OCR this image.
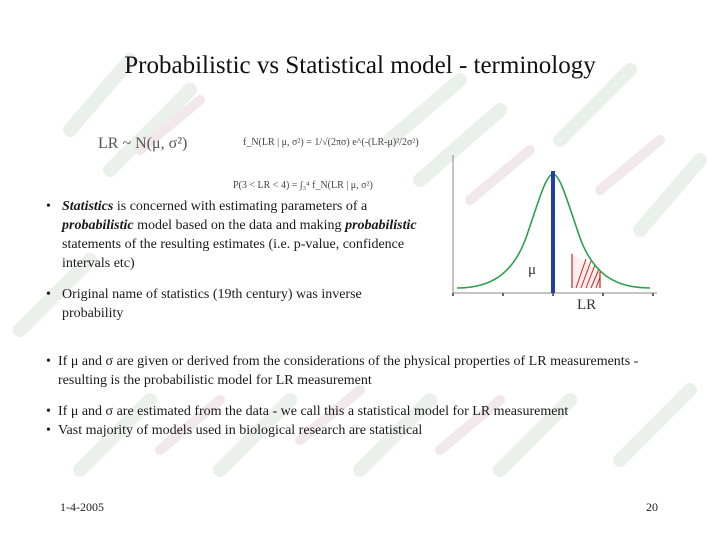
Probabilistic vs Statistical model - terminology
LR ~ N(μ, σ²)	f_N(LR | μ, σ²) = 1/√(2πσ) e^(-(LR-μ)²/2σ²)
P(3 < LR < 4) = ∫₃⁴ f_N(LR | μ, σ²)
• Statistics is concerned with estimating parameters of a probabilistic model based on the data and making probabilistic statements of the resulting estimates (i.e. p-value, confidence intervals etc)
• Original name of statistics (19th century) was inverse probability
• If μ and σ are given or derived from the considerations of the physical properties of LR measurements - resulting is the probabilistic model for LR measurement
• If μ and σ are estimated from the data - we call this a statistical model for LR measurement
• Vast majority of models used in biological research are statistical
μ
LR
1-4-2005	20
